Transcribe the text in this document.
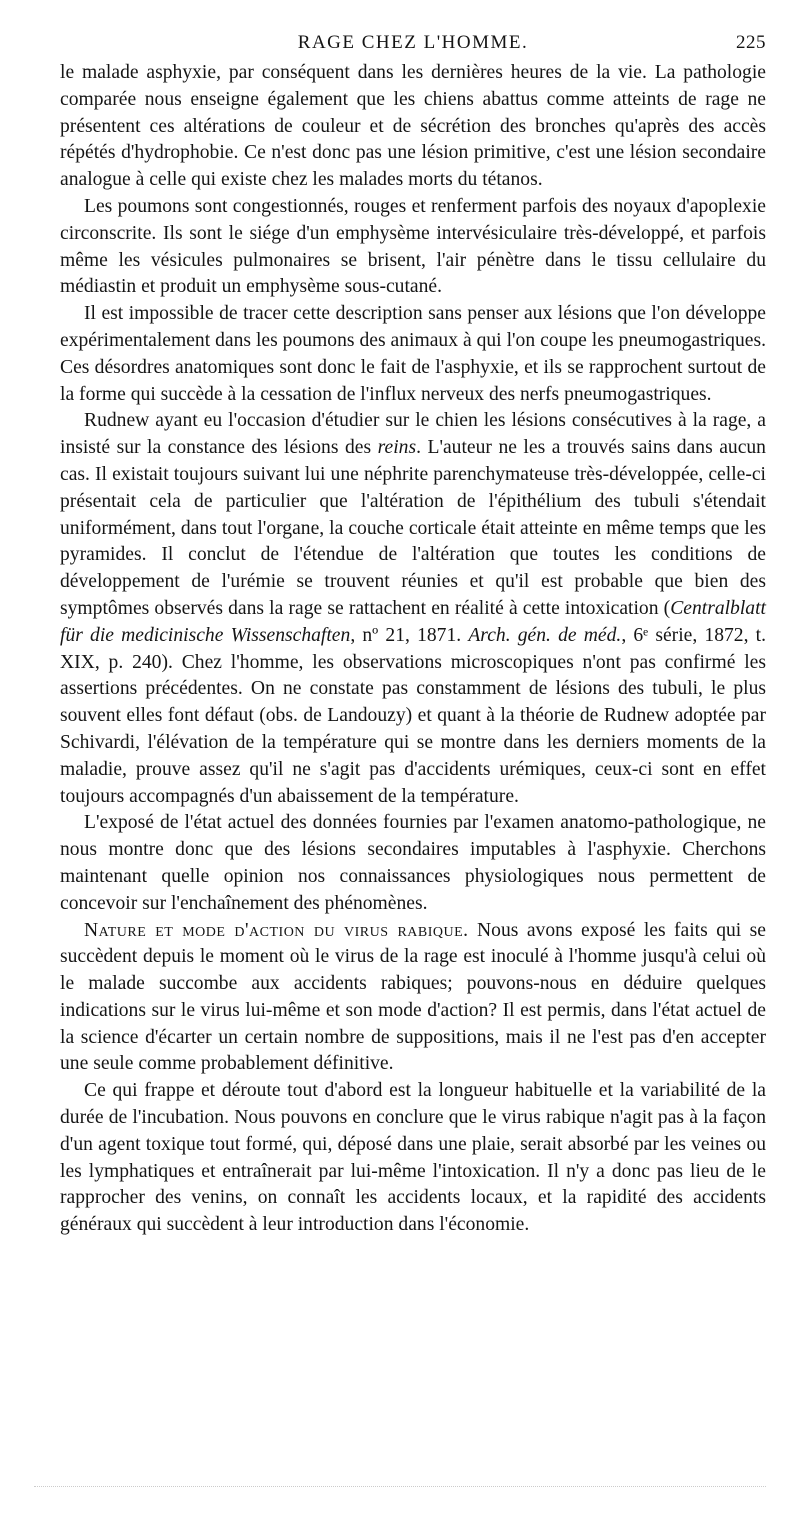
RAGE CHEZ L'HOMME.	225

le malade asphyxie, par conséquent dans les dernières heures de la vie. La pathologie comparée nous enseigne également que les chiens abattus comme atteints de rage ne présentent ces altérations de couleur et de sécrétion des bronches qu'après des accès répétés d'hydrophobie. Ce n'est donc pas une lésion primitive, c'est une lésion secondaire analogue à celle qui existe chez les malades morts du tétanos.

Les poumons sont congestionnés, rouges et renferment parfois des noyaux d'apoplexie circonscrite. Ils sont le siége d'un emphysème intervésiculaire très-développé, et parfois même les vésicules pulmonaires se brisent, l'air pénètre dans le tissu cellulaire du médiastin et produit un emphysème sous-cutané.

Il est impossible de tracer cette description sans penser aux lésions que l'on développe expérimentalement dans les poumons des animaux à qui l'on coupe les pneumogastriques. Ces désordres anatomiques sont donc le fait de l'asphyxie, et ils se rapprochent surtout de la forme qui succède à la cessation de l'influx nerveux des nerfs pneumogastriques.

Rudnew ayant eu l'occasion d'étudier sur le chien les lésions consécutives à la rage, a insisté sur la constance des lésions des reins. L'auteur ne les a trouvés sains dans aucun cas. Il existait toujours suivant lui une néphrite parenchymateuse très-développée, celle-ci présentait cela de particulier que l'altération de l'épithélium des tubuli s'étendait uniformément, dans tout l'organe, la couche corticale était atteinte en même temps que les pyramides. Il conclut de l'étendue de l'altération que toutes les conditions de développement de l'urémie se trouvent réunies et qu'il est probable que bien des symptômes observés dans la rage se rattachent en réalité à cette intoxication (Centralblatt für die medicinische Wissenschaften, nº 21, 1871. Arch. gén. de méd., 6ᵉ série, 1872, t. XIX, p. 240). Chez l'homme, les observations microscopiques n'ont pas confirmé les assertions précédentes. On ne constate pas constamment de lésions des tubuli, le plus souvent elles font défaut (obs. de Landouzy) et quant à la théorie de Rudnew adoptée par Schivardi, l'élévation de la température qui se montre dans les derniers moments de la maladie, prouve assez qu'il ne s'agit pas d'accidents urémiques, ceux-ci sont en effet toujours accompagnés d'un abaissement de la température.

L'exposé de l'état actuel des données fournies par l'examen anatomo-pathologique, ne nous montre donc que des lésions secondaires imputables à l'asphyxie. Cherchons maintenant quelle opinion nos connaissances physiologiques nous permettent de concevoir sur l'enchaînement des phénomènes.

Nature et mode d'action du virus rabique. Nous avons exposé les faits qui se succèdent depuis le moment où le virus de la rage est inoculé à l'homme jusqu'à celui où le malade succombe aux accidents rabiques; pouvons-nous en déduire quelques indications sur le virus lui-même et son mode d'action? Il est permis, dans l'état actuel de la science d'écarter un certain nombre de suppositions, mais il ne l'est pas d'en accepter une seule comme probablement définitive.

Ce qui frappe et déroute tout d'abord est la longueur habituelle et la variabilité de la durée de l'incubation. Nous pouvons en conclure que le virus rabique n'agit pas à la façon d'un agent toxique tout formé, qui, déposé dans une plaie, serait absorbé par les veines ou les lymphatiques et entraînerait par lui-même l'intoxication. Il n'y a donc pas lieu de le rapprocher des venins, on connaît les accidents locaux, et la rapidité des accidents généraux qui succèdent à leur introduction dans l'économie.
